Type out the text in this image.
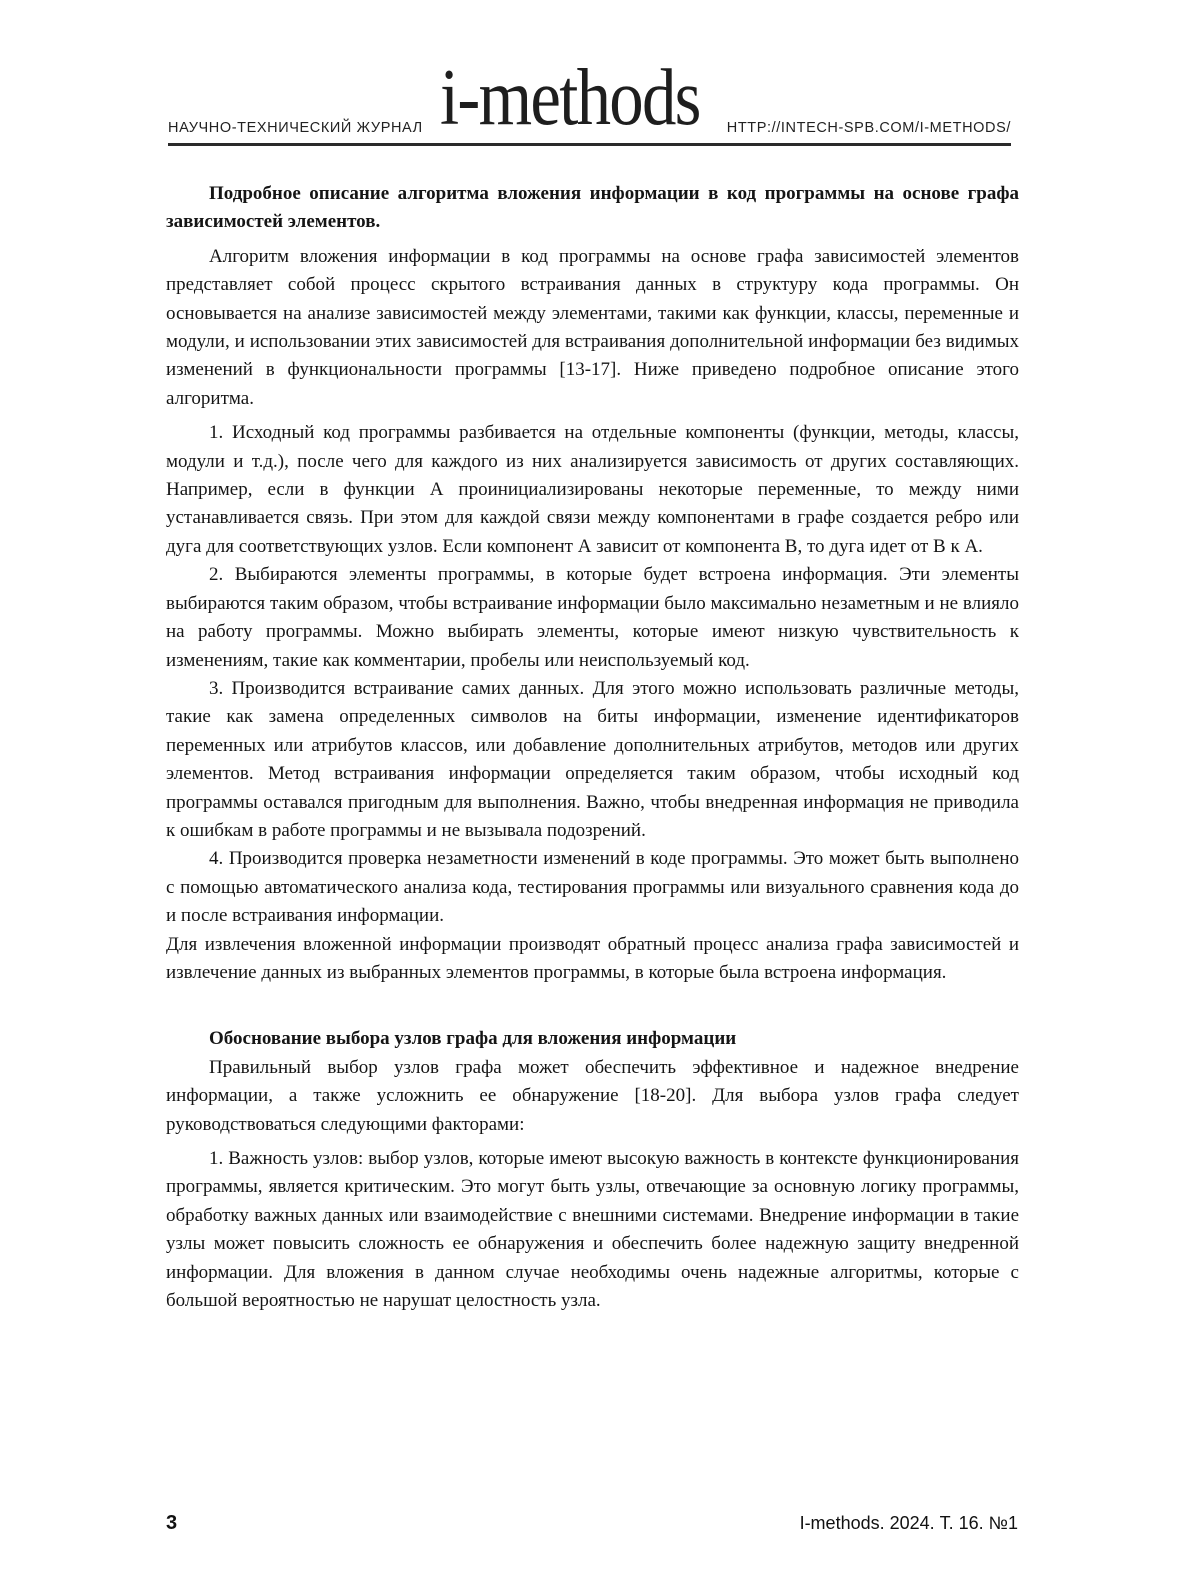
НАУЧНО-ТЕХНИЧЕСКИЙ ЖУРНАЛ i-methods HTTP://INTECH-SPB.COM/I-METHODS/

Подробное описание алгоритма вложения информации в код программы на основе графа зависимостей элементов.

Алгоритм вложения информации в код программы на основе графа зависимостей элементов представляет собой процесс скрытого встраивания данных в структуру кода программы. Он основывается на анализе зависимостей между элементами, такими как функции, классы, переменные и модули, и использовании этих зависимостей для встраивания дополнительной информации без видимых изменений в функциональности программы [13-17]. Ниже приведено подробное описание этого алгоритма.

1. Исходный код программы разбивается на отдельные компоненты (функции, методы, классы, модули и т.д.), после чего для каждого из них анализируется зависимость от других составляющих. Например, если в функции А проинициализированы некоторые переменные, то между ними устанавливается связь. При этом для каждой связи между компонентами в графе создается ребро или дуга для соответствующих узлов. Если компонент А зависит от компонента В, то дуга идет от В к А.

2. Выбираются элементы программы, в которые будет встроена информация. Эти элементы выбираются таким образом, чтобы встраивание информации было максимально незаметным и не влияло на работу программы. Можно выбирать элементы, которые имеют низкую чувствительность к изменениям, такие как комментарии, пробелы или неиспользуемый код.

3. Производится встраивание самих данных. Для этого можно использовать различные методы, такие как замена определенных символов на биты информации, изменение идентификаторов переменных или атрибутов классов, или добавление дополнительных атрибутов, методов или других элементов. Метод встраивания информации определяется таким образом, чтобы исходный код программы оставался пригодным для выполнения. Важно, чтобы внедренная информация не приводила к ошибкам в работе программы и не вызывала подозрений.

4. Производится проверка незаметности изменений в коде программы. Это может быть выполнено с помощью автоматического анализа кода, тестирования программы или визуального сравнения кода до и после встраивания информации.

Для извлечения вложенной информации производят обратный процесс анализа графа зависимостей и извлечение данных из выбранных элементов программы, в которые была встроена информация.

Обоснование выбора узлов графа для вложения информации

Правильный выбор узлов графа может обеспечить эффективное и надежное внедрение информации, а также усложнить ее обнаружение [18-20]. Для выбора узлов графа следует руководствоваться следующими факторами:

1. Важность узлов: выбор узлов, которые имеют высокую важность в контексте функционирования программы, является критическим. Это могут быть узлы, отвечающие за основную логику программы, обработку важных данных или взаимодействие с внешними системами. Внедрение информации в такие узлы может повысить сложность ее обнаружения и обеспечить более надежную защиту внедренной информации. Для вложения в данном случае необходимы очень надежные алгоритмы, которые с большой вероятностью не нарушат целостность узла.

3	I-methods. 2024. Т. 16. №1
